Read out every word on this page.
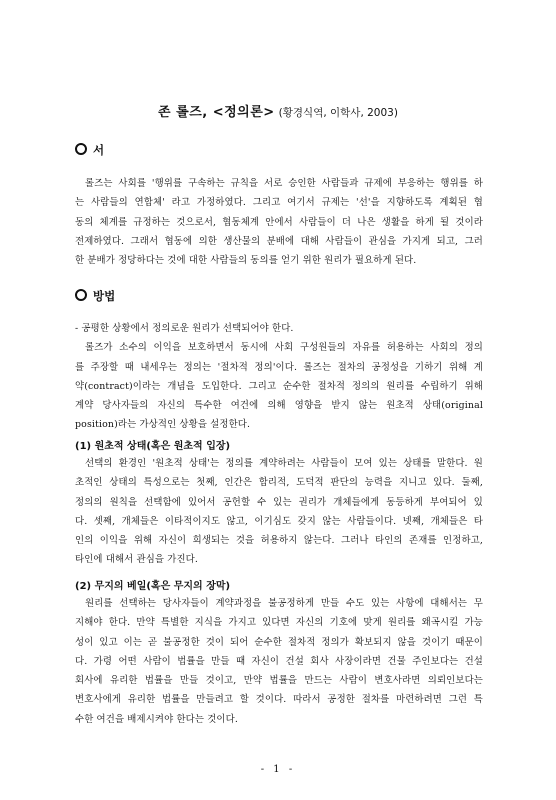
존 롤즈, <정의론> (황경식역, 이학사, 2003)
서
롤즈는 사회를 '행위를 구속하는 규칙을 서로 승인한 사람들과 규제에 부응하는 행위를 하
는 사람들의 연합체' 라고 가정하였다. 그리고 여기서 규제는 '선'을 지향하도록 계획된 협
동의 체계를 규정하는 것으로서, 협동체계 안에서 사람들이 더 나은 생활을 하게 될 것이라
전제하였다. 그래서 협동에 의한 생산물의 분배에 대해 사람들이 관심을 가지게 되고, 그러
한 분배가 정당하다는 것에 대한 사람들의 동의를 얻기 위한 원리가 필요하게 된다.
방법
- 공평한 상황에서 정의로운 원리가 선택되어야 한다.
롤즈가 소수의 이익을 보호하면서 동시에 사회 구성원들의 자유를 허용하는 사회의 정의
를 주장할 때 내세우는 정의는 '절차적 정의'이다. 롤즈는 절차의 공정성을 기하기 위해 계
약(contract)이라는 개념을 도입한다. 그리고 순수한 절차적 정의의 원리를 수립하기 위해
계약 당사자들의 자신의 특수한 여건에 의해 영향을 받지 않는 원초적 상태(original
position)라는 가상적인 상황을 설정한다.
(1) 원초적 상태(혹은 원초적 입장)
선택의 환경인 '원초적 상태'는 정의를 계약하려는 사람들이 모여 있는 상태를 말한다. 원
초적인 상태의 특성으로는 첫째, 인간은 합리적, 도덕적 판단의 능력을 지니고 있다. 둘째,
정의의 원칙을 선택함에 있어서 공헌할 수 있는 권리가 개체들에게 동등하게 부여되어 있
다. 셋째, 개체들은 이타적이지도 않고, 이기심도 갖지 않는 사람들이다. 넷째, 개체들은 타
인의 이익을 위해 자신이 희생되는 것을 허용하지 않는다. 그러나 타인의 존재를 인정하고,
타인에 대해서 관심을 가진다.
(2) 무지의 베일(혹은 무지의 장막)
원리를 선택하는 당사자들이 계약과정을 불공정하게 만들 수도 있는 사항에 대해서는 무
지해야 한다. 만약 특별한 지식을 가지고 있다면 자신의 기호에 맞게 원리를 왜곡시킬 가능
성이 있고 이는 곧 불공정한 것이 되어 순수한 절차적 정의가 확보되지 않을 것이기 때문이
다. 가령 어떤 사람이 법률을 만들 때 자신이 건설 회사 사장이라면 건물 주인보다는 건설
회사에 유리한 법률을 만들 것이고, 만약 법률을 만드는 사람이 변호사라면 의뢰인보다는
변호사에게 유리한 법률을 만들려고 할 것이다. 따라서 공정한 절차를 마련하려면 그런 특
수한 여건을 배제시켜야 한다는 것이다.
- 1 -
